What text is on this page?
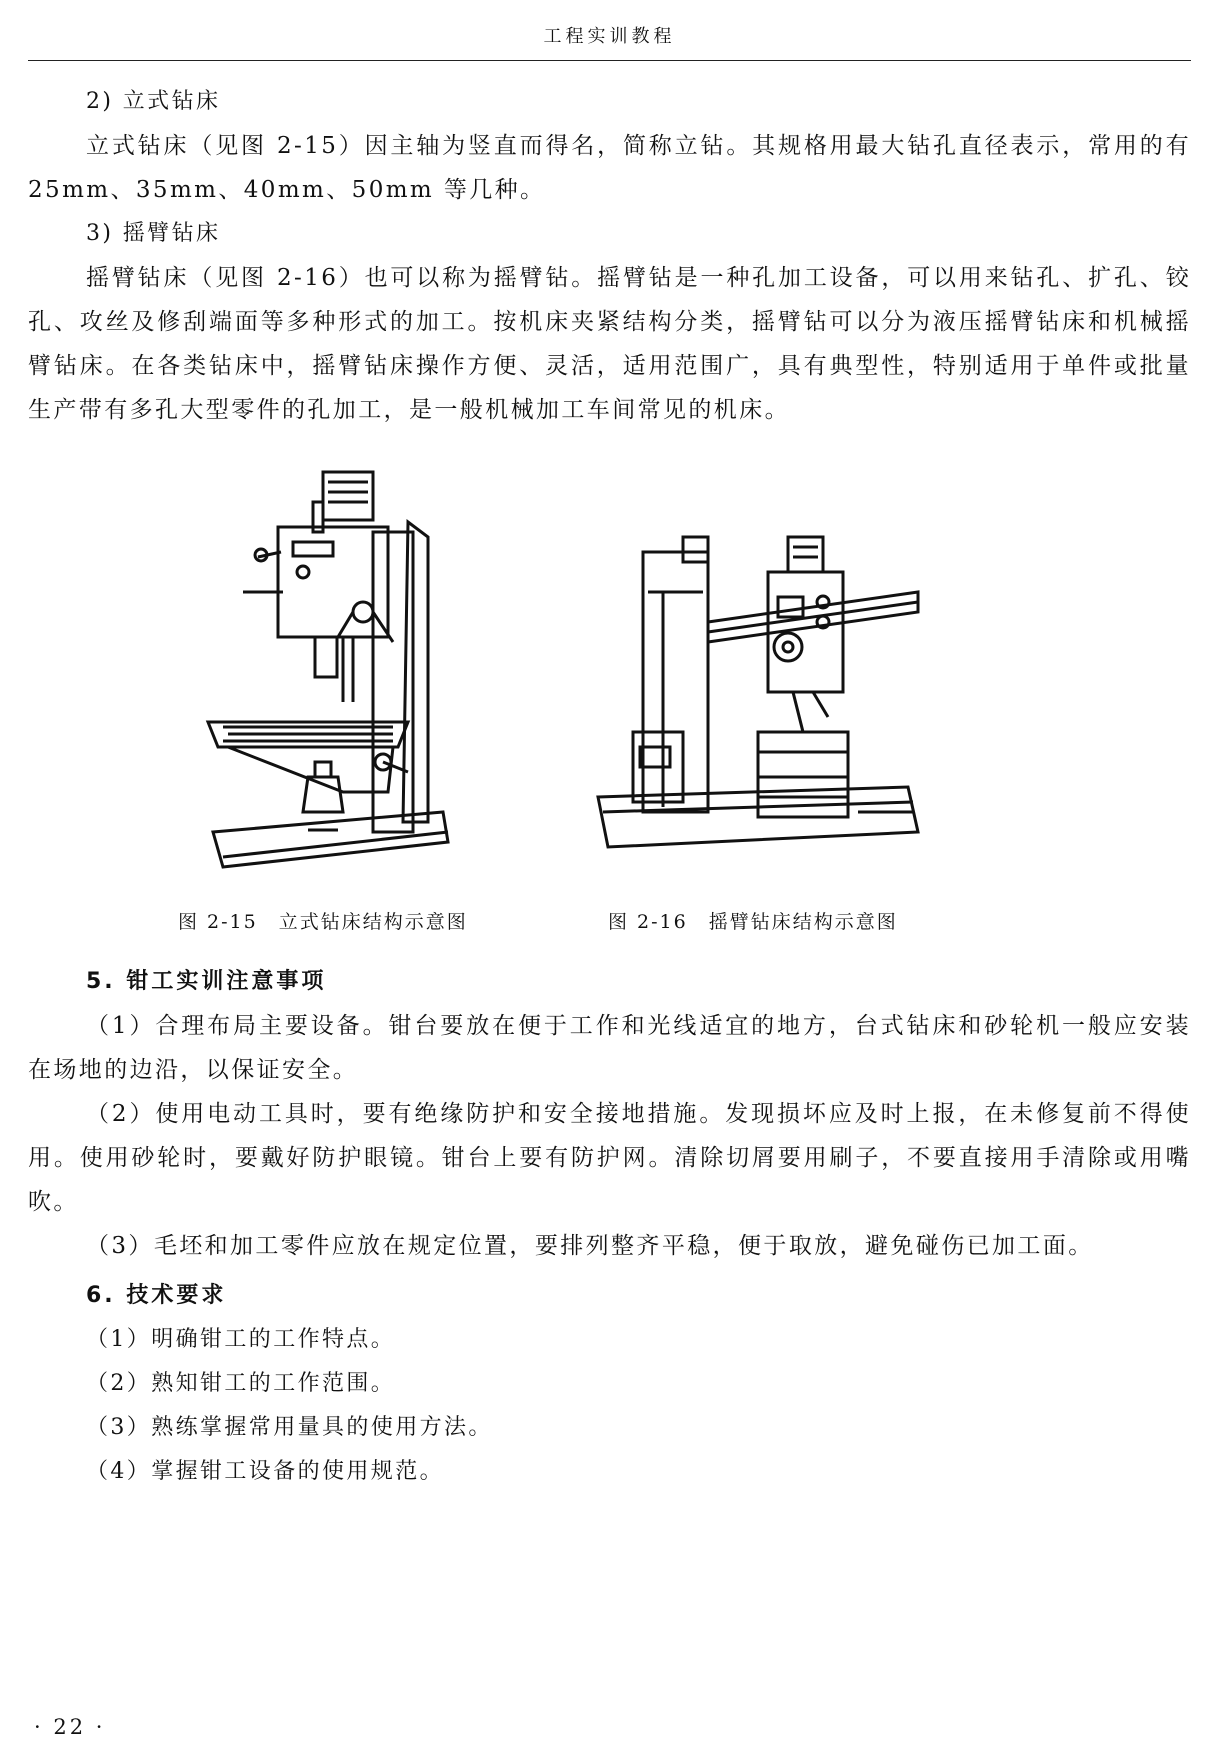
工程实训教程

2) 立式钻床

立式钻床（见图 2-15）因主轴为竖直而得名，简称立钻。其规格用最大钻孔直径表示，常用的有 25mm、35mm、40mm、50mm 等几种。

3) 摇臂钻床

摇臂钻床（见图 2-16）也可以称为摇臂钻。摇臂钻是一种孔加工设备，可以用来钻孔、扩孔、铰孔、攻丝及修刮端面等多种形式的加工。按机床夹紧结构分类，摇臂钻可以分为液压摇臂钻床和机械摇臂钻床。在各类钻床中，摇臂钻床操作方便、灵活，适用范围广，具有典型性，特别适用于单件或批量生产带有多孔大型零件的孔加工，是一般机械加工车间常见的机床。

图 2-15　立式钻床结构示意图	图 2-16　摇臂钻床结构示意图

5. 钳工实训注意事项

（1）合理布局主要设备。钳台要放在便于工作和光线适宜的地方，台式钻床和砂轮机一般应安装在场地的边沿，以保证安全。

（2）使用电动工具时，要有绝缘防护和安全接地措施。发现损坏应及时上报，在未修复前不得使用。使用砂轮时，要戴好防护眼镜。钳台上要有防护网。清除切屑要用刷子，不要直接用手清除或用嘴吹。

（3）毛坯和加工零件应放在规定位置，要排列整齐平稳，便于取放，避免碰伤已加工面。

6. 技术要求

（1）明确钳工的工作特点。

（2）熟知钳工的工作范围。

（3）熟练掌握常用量具的使用方法。

（4）掌握钳工设备的使用规范。

· 22 ·
